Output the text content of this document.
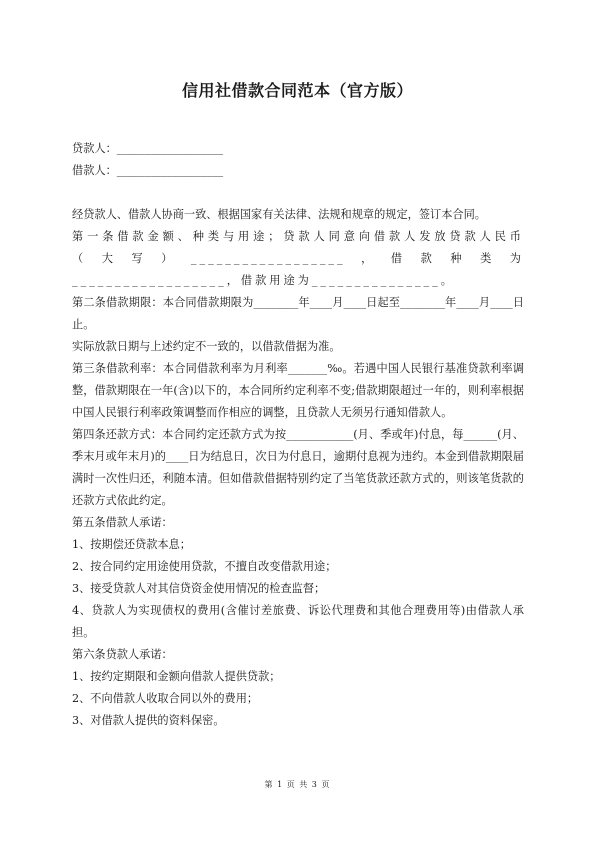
信用社借款合同范本（官方版）
贷款人：___________________
借款人：___________________
经贷款人、借款人协商一致、根据国家有关法律、法规和规章的规定，签订本合同。

第一条借款金额、种类与用途；贷款人同意向借款人发放贷款人民币（大写）__________________，借款种类为__________________，借款用途为_______________。

第二条借款期限：本合同借款期限为________年____月____日起至________年____月____日止。

实际放款日期与上述约定不一致的，以借款借据为准。

第三条借款利率：本合同借款利率为月利率_______‰。若遇中国人民银行基准贷款利率调整，借款期限在一年(含)以下的，本合同所约定利率不变;借款期限超过一年的，则利率根据中国人民银行利率政策调整而作相应的调整，且贷款人无须另行通知借款人。

第四条还款方式：本合同约定还款方式为按____________(月、季或年)付息，每______(月、季末月或年末月)的____日为结息日，次日为付息日，逾期付息视为违约。本金到借款期限届满时一次性归还，利随本清。但如借款借据特别约定了当笔货款还款方式的，则该笔货款的还款方式依此约定。

第五条借款人承诺：
1、按期偿还贷款本息；
2、按合同约定用途使用贷款，不擅自改变借款用途；
3、接受贷款人对其信贷资金使用情况的检查监督；

4、贷款人为实现债权的费用(含催讨差旅费、诉讼代理费和其他合理费用等)由借款人承担。

第六条贷款人承诺：
1、按约定期限和金额向借款人提供贷款；
2、不向借款人收取合同以外的费用；
3、对借款人提供的资料保密。
第 1 页 共 3 页
